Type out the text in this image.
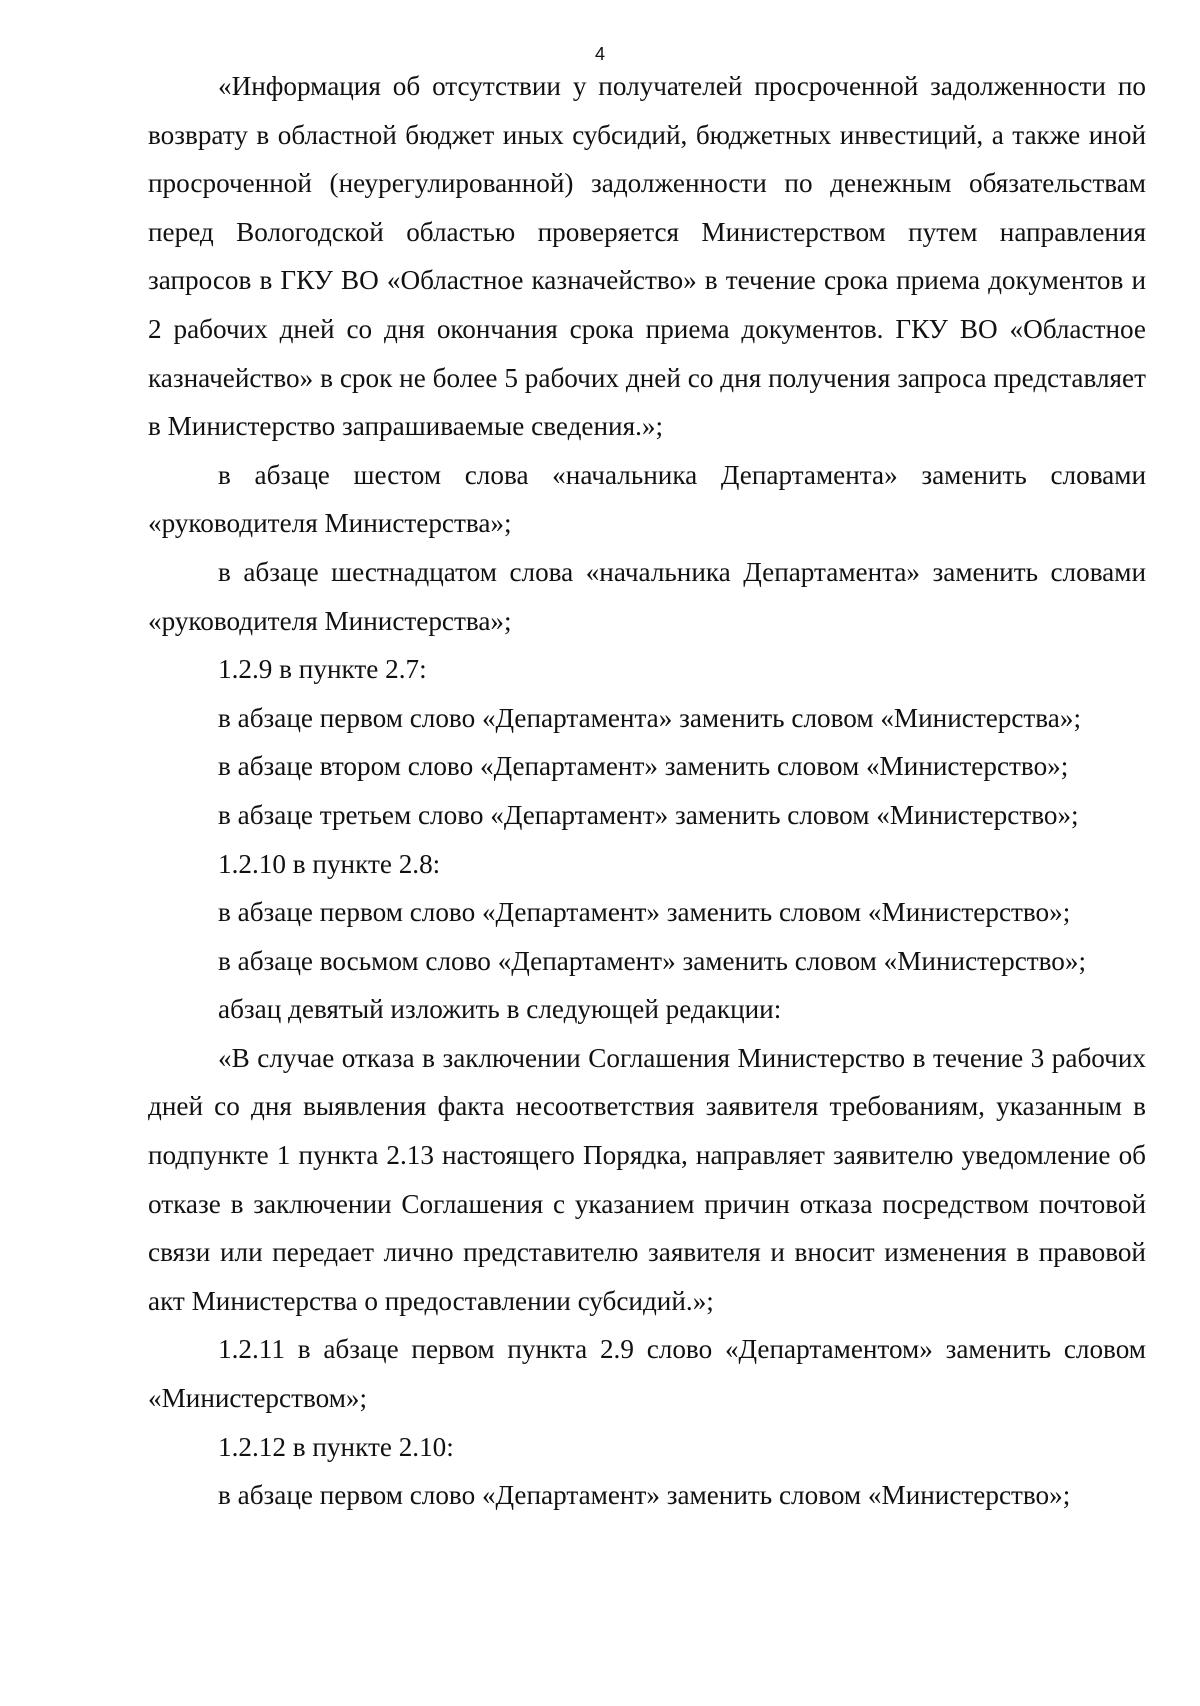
4

«Информация об отсутствии у получателей просроченной задолженности по возврату в областной бюджет иных субсидий, бюджетных инвестиций, а также иной просроченной (неурегулированной) задолженности по денежным обязательствам перед Вологодской областью проверяется Министерством путем направления запросов в ГКУ ВО «Областное казначейство» в течение срока приема документов и 2 рабочих дней со дня окончания срока приема документов. ГКУ ВО «Областное казначейство» в срок не более 5 рабочих дней со дня получения запроса представляет в Министерство запрашиваемые сведения.»;

в абзаце шестом слова «начальника Департамента» заменить словами «руководителя Министерства»;

в абзаце шестнадцатом слова «начальника Департамента» заменить словами «руководителя Министерства»;

1.2.9 в пункте 2.7:

в абзаце первом слово «Департамента» заменить словом «Министерства»;

в абзаце втором слово «Департамент» заменить словом «Министерство»;

в абзаце третьем слово «Департамент» заменить словом «Министерство»;

1.2.10 в пункте 2.8:

в абзаце первом слово «Департамент» заменить словом «Министерство»;

в абзаце восьмом слово «Департамент» заменить словом «Министерство»;

абзац девятый изложить в следующей редакции:

«В случае отказа в заключении Соглашения Министерство в течение 3 рабочих дней со дня выявления факта несоответствия заявителя требованиям, указанным в подпункте 1 пункта 2.13 настоящего Порядка, направляет заявителю уведомление об отказе в заключении Соглашения с указанием причин отказа посредством почтовой связи или передает лично представителю заявителя и вносит изменения в правовой акт Министерства о предоставлении субсидий.»;

1.2.11 в абзаце первом пункта 2.9 слово «Департаментом» заменить словом «Министерством»;

1.2.12 в пункте 2.10:

в абзаце первом слово «Департамент» заменить словом «Министерство»;
